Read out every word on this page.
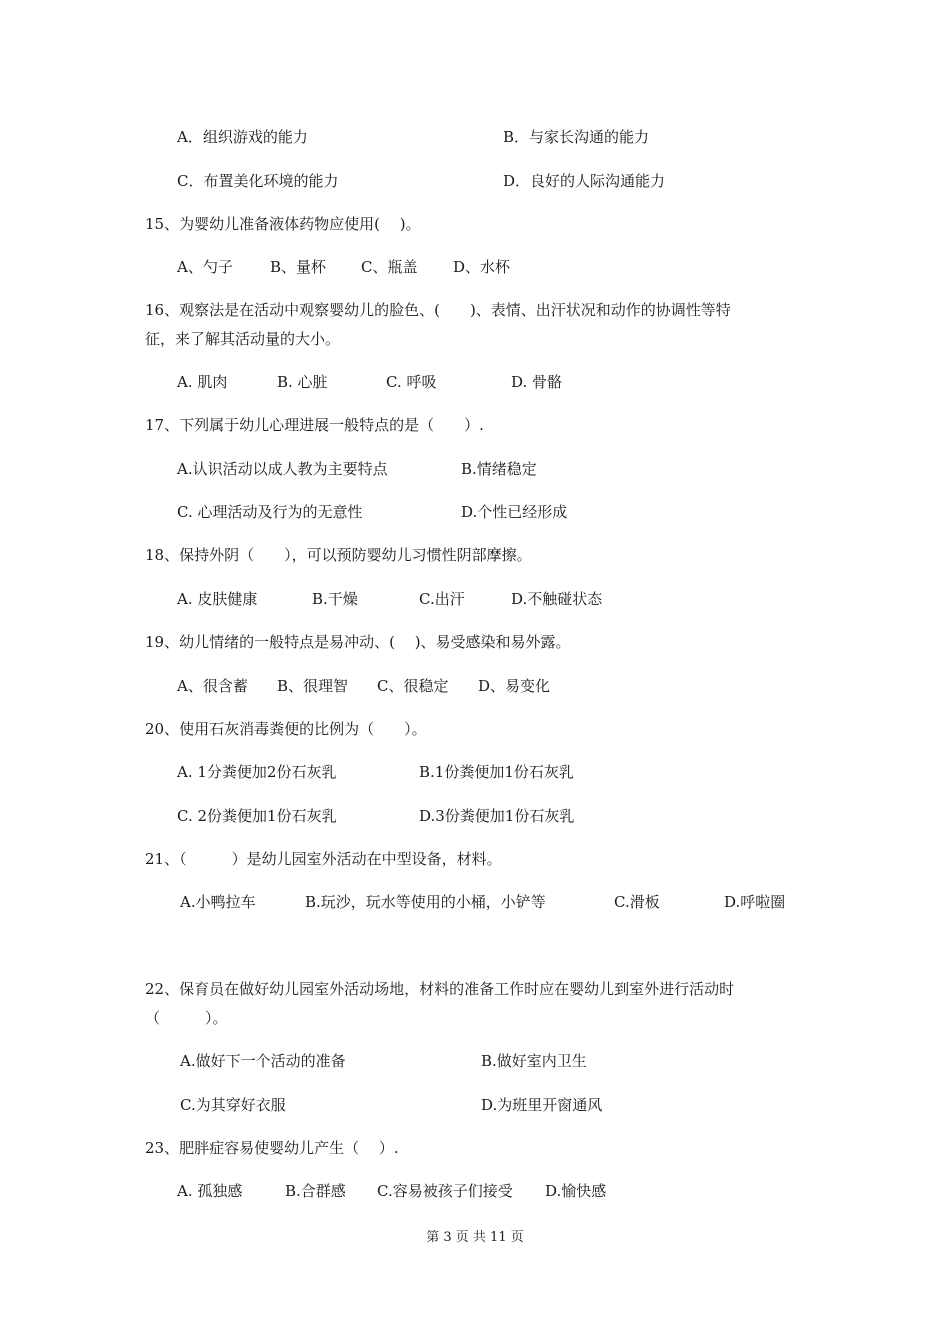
A．组织游戏的能力	B．与家长沟通的能力
C．布置美化环境的能力	D．良好的人际沟通能力
15、为婴幼儿准备液体药物应使用(　 )。
A、勺子 B、量杯 C、瓶盖 D、水杯
16、观察法是在活动中观察婴幼儿的脸色、(　　)、表情、出汗状况和动作的协调性等特
征，来了解其活动量的大小。
A. 肌肉	B. 心脏	C. 呼吸	D. 骨骼
17、下列属于幼儿心理进展一般特点的是（　　）.
A.认识活动以成人教为主要特点	B.情绪稳定
C. 心理活动及行为的无意性	D.个性已经形成
18、保持外阴（　　），可以预防婴幼儿习惯性阴部摩擦。
A. 皮肤健康	B.干燥	C.出汗	D.不触碰状态
19、幼儿情绪的一般特点是易冲动、(　 )、易受感染和易外露。
A、很含蓄 B、很理智 C、很稳定 D、易变化
20、使用石灰消毒粪便的比例为（　　）。
A. 1分粪便加2份石灰乳	B.1份粪便加1份石灰乳
C. 2份粪便加1份石灰乳	D.3份粪便加1份石灰乳
21、（　　　）是幼儿园室外活动在中型设备，材料。
A.小鸭拉车	B.玩沙，玩水等使用的小桶，小铲等	C.滑板	D.呼啦圈
22、保育员在做好幼儿园室外活动场地，材料的准备工作时应在婴幼儿到室外进行活动时
（　　　）。
A.做好下一个活动的准备	B.做好室内卫生
C.为其穿好衣服	D.为班里开窗通风
23、肥胖症容易使婴幼儿产生（　 ）.
A. 孤独感	B.合群感 C.容易被孩子们接受 D.愉快感
第 3 页 共 11 页
